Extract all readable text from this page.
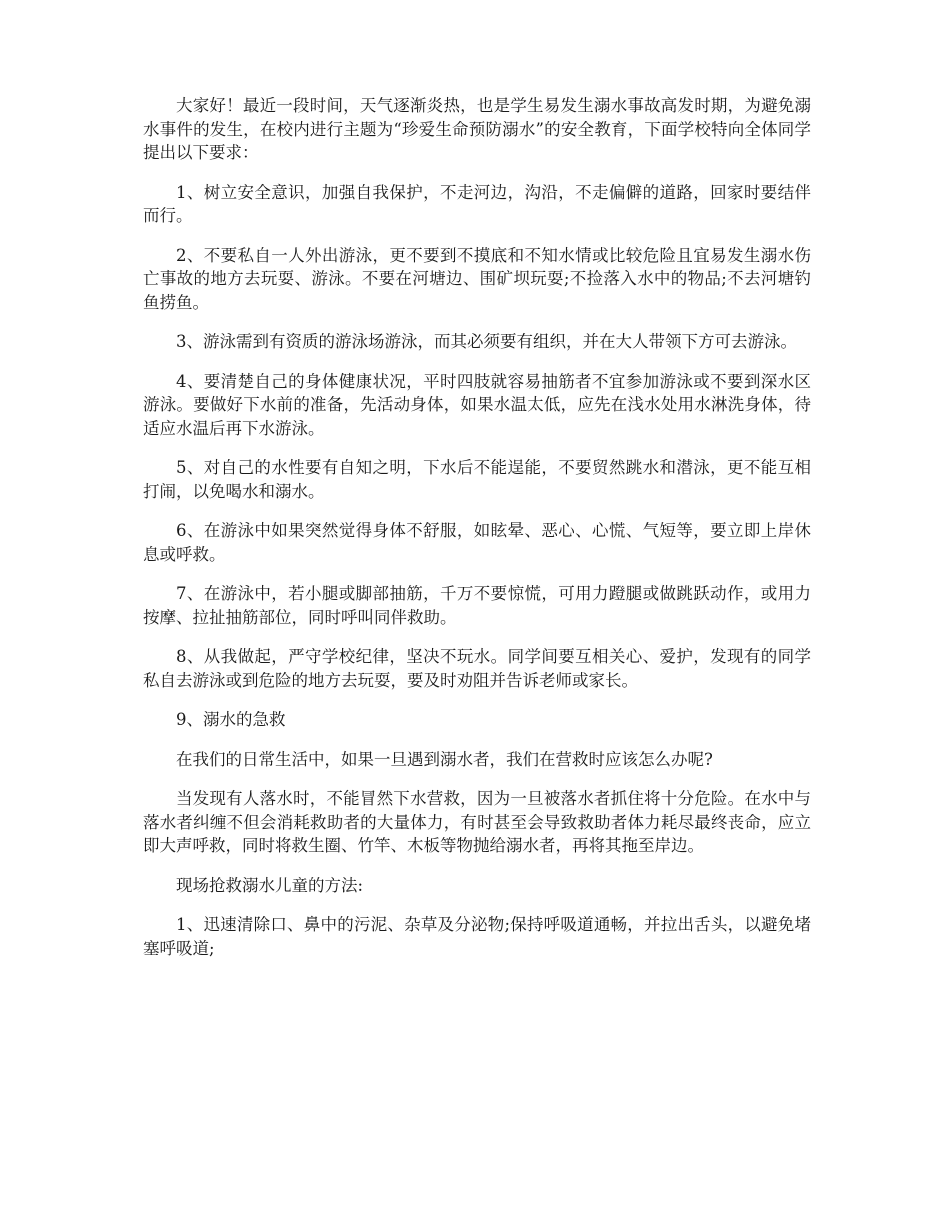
大家好！最近一段时间，天气逐渐炎热，也是学生易发生溺水事故高发时期，为避免溺水事件的发生，在校内进行主题为“珍爱生命预防溺水”的安全教育，下面学校特向全体同学提出以下要求：

1、树立安全意识，加强自我保护，不走河边，沟沿，不走偏僻的道路，回家时要结伴而行。

2、不要私自一人外出游泳，更不要到不摸底和不知水情或比较危险且宜易发生溺水伤亡事故的地方去玩耍、游泳。不要在河塘边、围矿坝玩耍;不捡落入水中的物品;不去河塘钓鱼捞鱼。

3、游泳需到有资质的游泳场游泳，而其必须要有组织，并在大人带领下方可去游泳。

4、要清楚自己的身体健康状况，平时四肢就容易抽筋者不宜参加游泳或不要到深水区游泳。要做好下水前的准备，先活动身体，如果水温太低，应先在浅水处用水淋洗身体，待适应水温后再下水游泳。

5、对自己的水性要有自知之明，下水后不能逞能，不要贸然跳水和潜泳，更不能互相打闹，以免喝水和溺水。

6、在游泳中如果突然觉得身体不舒服，如眩晕、恶心、心慌、气短等，要立即上岸休息或呼救。

7、在游泳中，若小腿或脚部抽筋，千万不要惊慌，可用力蹬腿或做跳跃动作，或用力按摩、拉扯抽筋部位，同时呼叫同伴救助。

8、从我做起，严守学校纪律，坚决不玩水。同学间要互相关心、爱护，发现有的同学私自去游泳或到危险的地方去玩耍，要及时劝阻并告诉老师或家长。

9、溺水的急救

在我们的日常生活中，如果一旦遇到溺水者，我们在营救时应该怎么办呢?

当发现有人落水时，不能冒然下水营救，因为一旦被落水者抓住将十分危险。在水中与落水者纠缠不但会消耗救助者的大量体力，有时甚至会导致救助者体力耗尽最终丧命，应立即大声呼救，同时将救生圈、竹竿、木板等物抛给溺水者，再将其拖至岸边。

现场抢救溺水儿童的方法:

1、迅速清除口、鼻中的污泥、杂草及分泌物;保持呼吸道通畅，并拉出舌头，以避免堵塞呼吸道;
